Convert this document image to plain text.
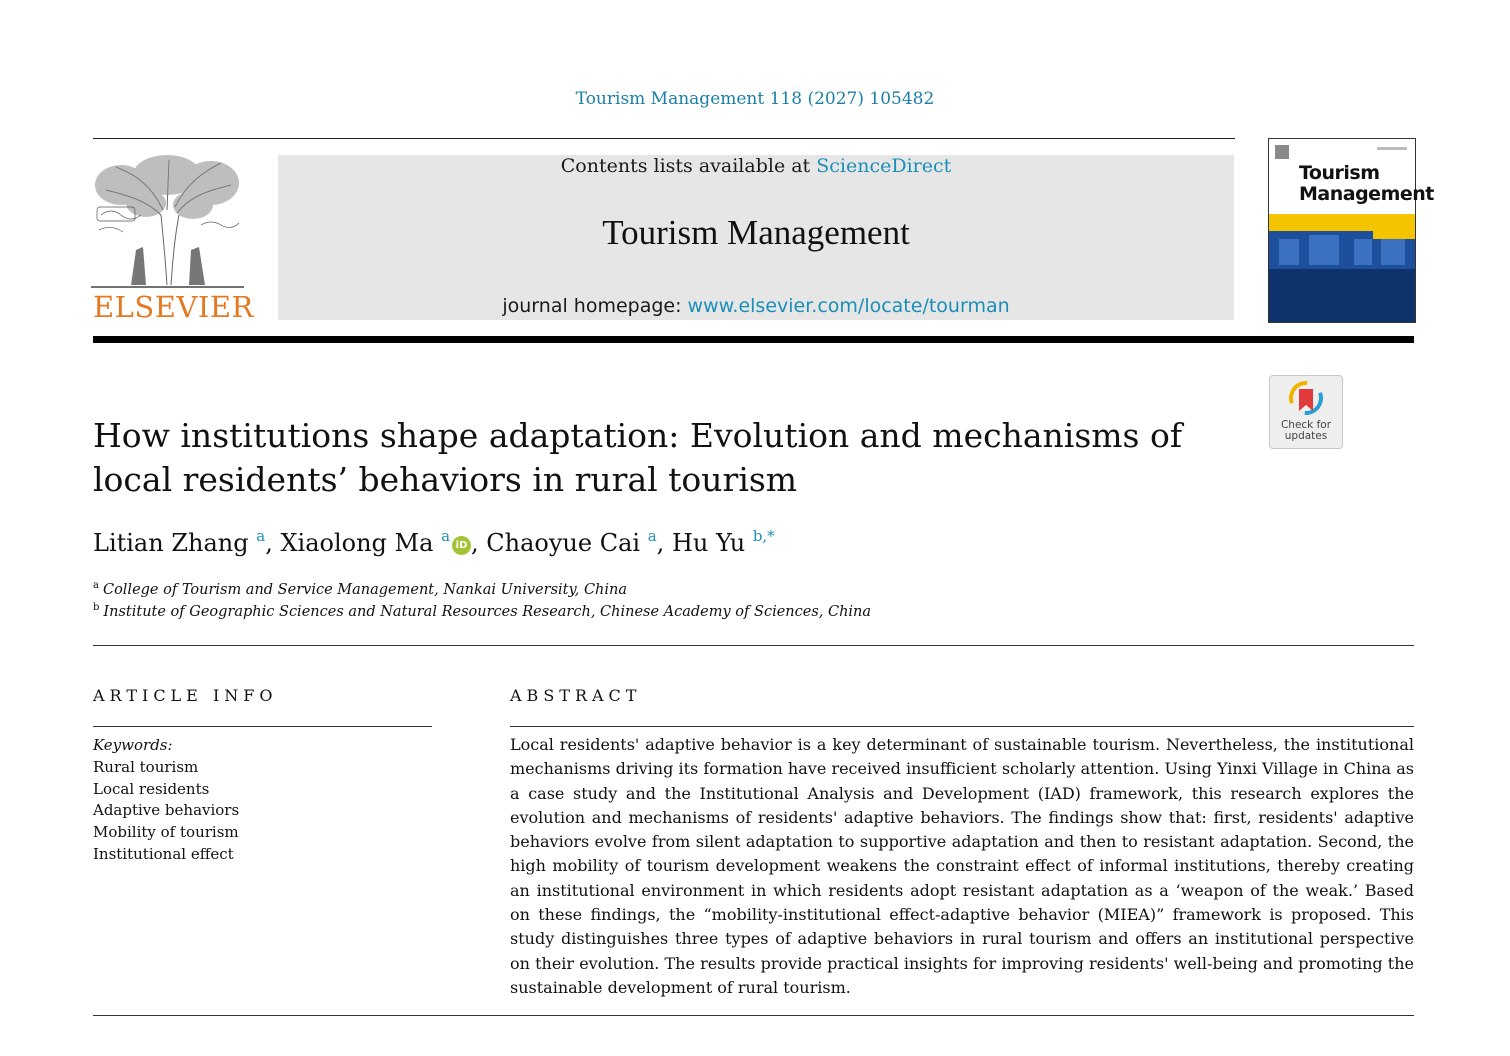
Tourism Management 118 (2027) 105482
ELSEVIER
Contents lists available at ScienceDirect
Tourism Management
journal homepage: www.elsevier.com/locate/tourman
Tourism
Management
Check for
updates
How institutions shape adaptation: Evolution and mechanisms of local residents’ behaviors in rural tourism
Litian Zhang $^a$, Xiaolong Ma $^a$iD , Chaoyue Cai $^a$, Hu Yu $^{b,*}$
$^a$ College of Tourism and Service Management, Nankai University, China
$^b$ Institute of Geographic Sciences and Natural Resources Research, Chinese Academy of Sciences, China
ARTICLE INFO	ABSTRACT
Keywords:
Rural tourism
Local residents
Adaptive behaviors
Mobility of tourism
Institutional effect
Local residents' adaptive behavior is a key determinant of sustainable tourism. Nevertheless, the institutional mechanisms driving its formation have received insufficient scholarly attention. Using Yinxi Village in China as a case study and the Institutional Analysis and Development (IAD) framework, this research explores the evolution and mechanisms of residents' adaptive behaviors. The findings show that: first, residents' adaptive behaviors evolve from silent adaptation to supportive adaptation and then to resistant adaptation. Second, the high mobility of tourism development weakens the constraint effect of informal institutions, thereby creating an institutional environment in which residents adopt resistant adaptation as a ‘weapon of the weak.’ Based on these findings, the “mobility-institutional effect-adaptive behavior (MIEA)” framework is proposed. This study distinguishes three types of adaptive behaviors in rural tourism and offers an institutional perspective on their evolution. The results provide practical insights for improving residents' well-being and promoting the sustainable development of rural tourism.
